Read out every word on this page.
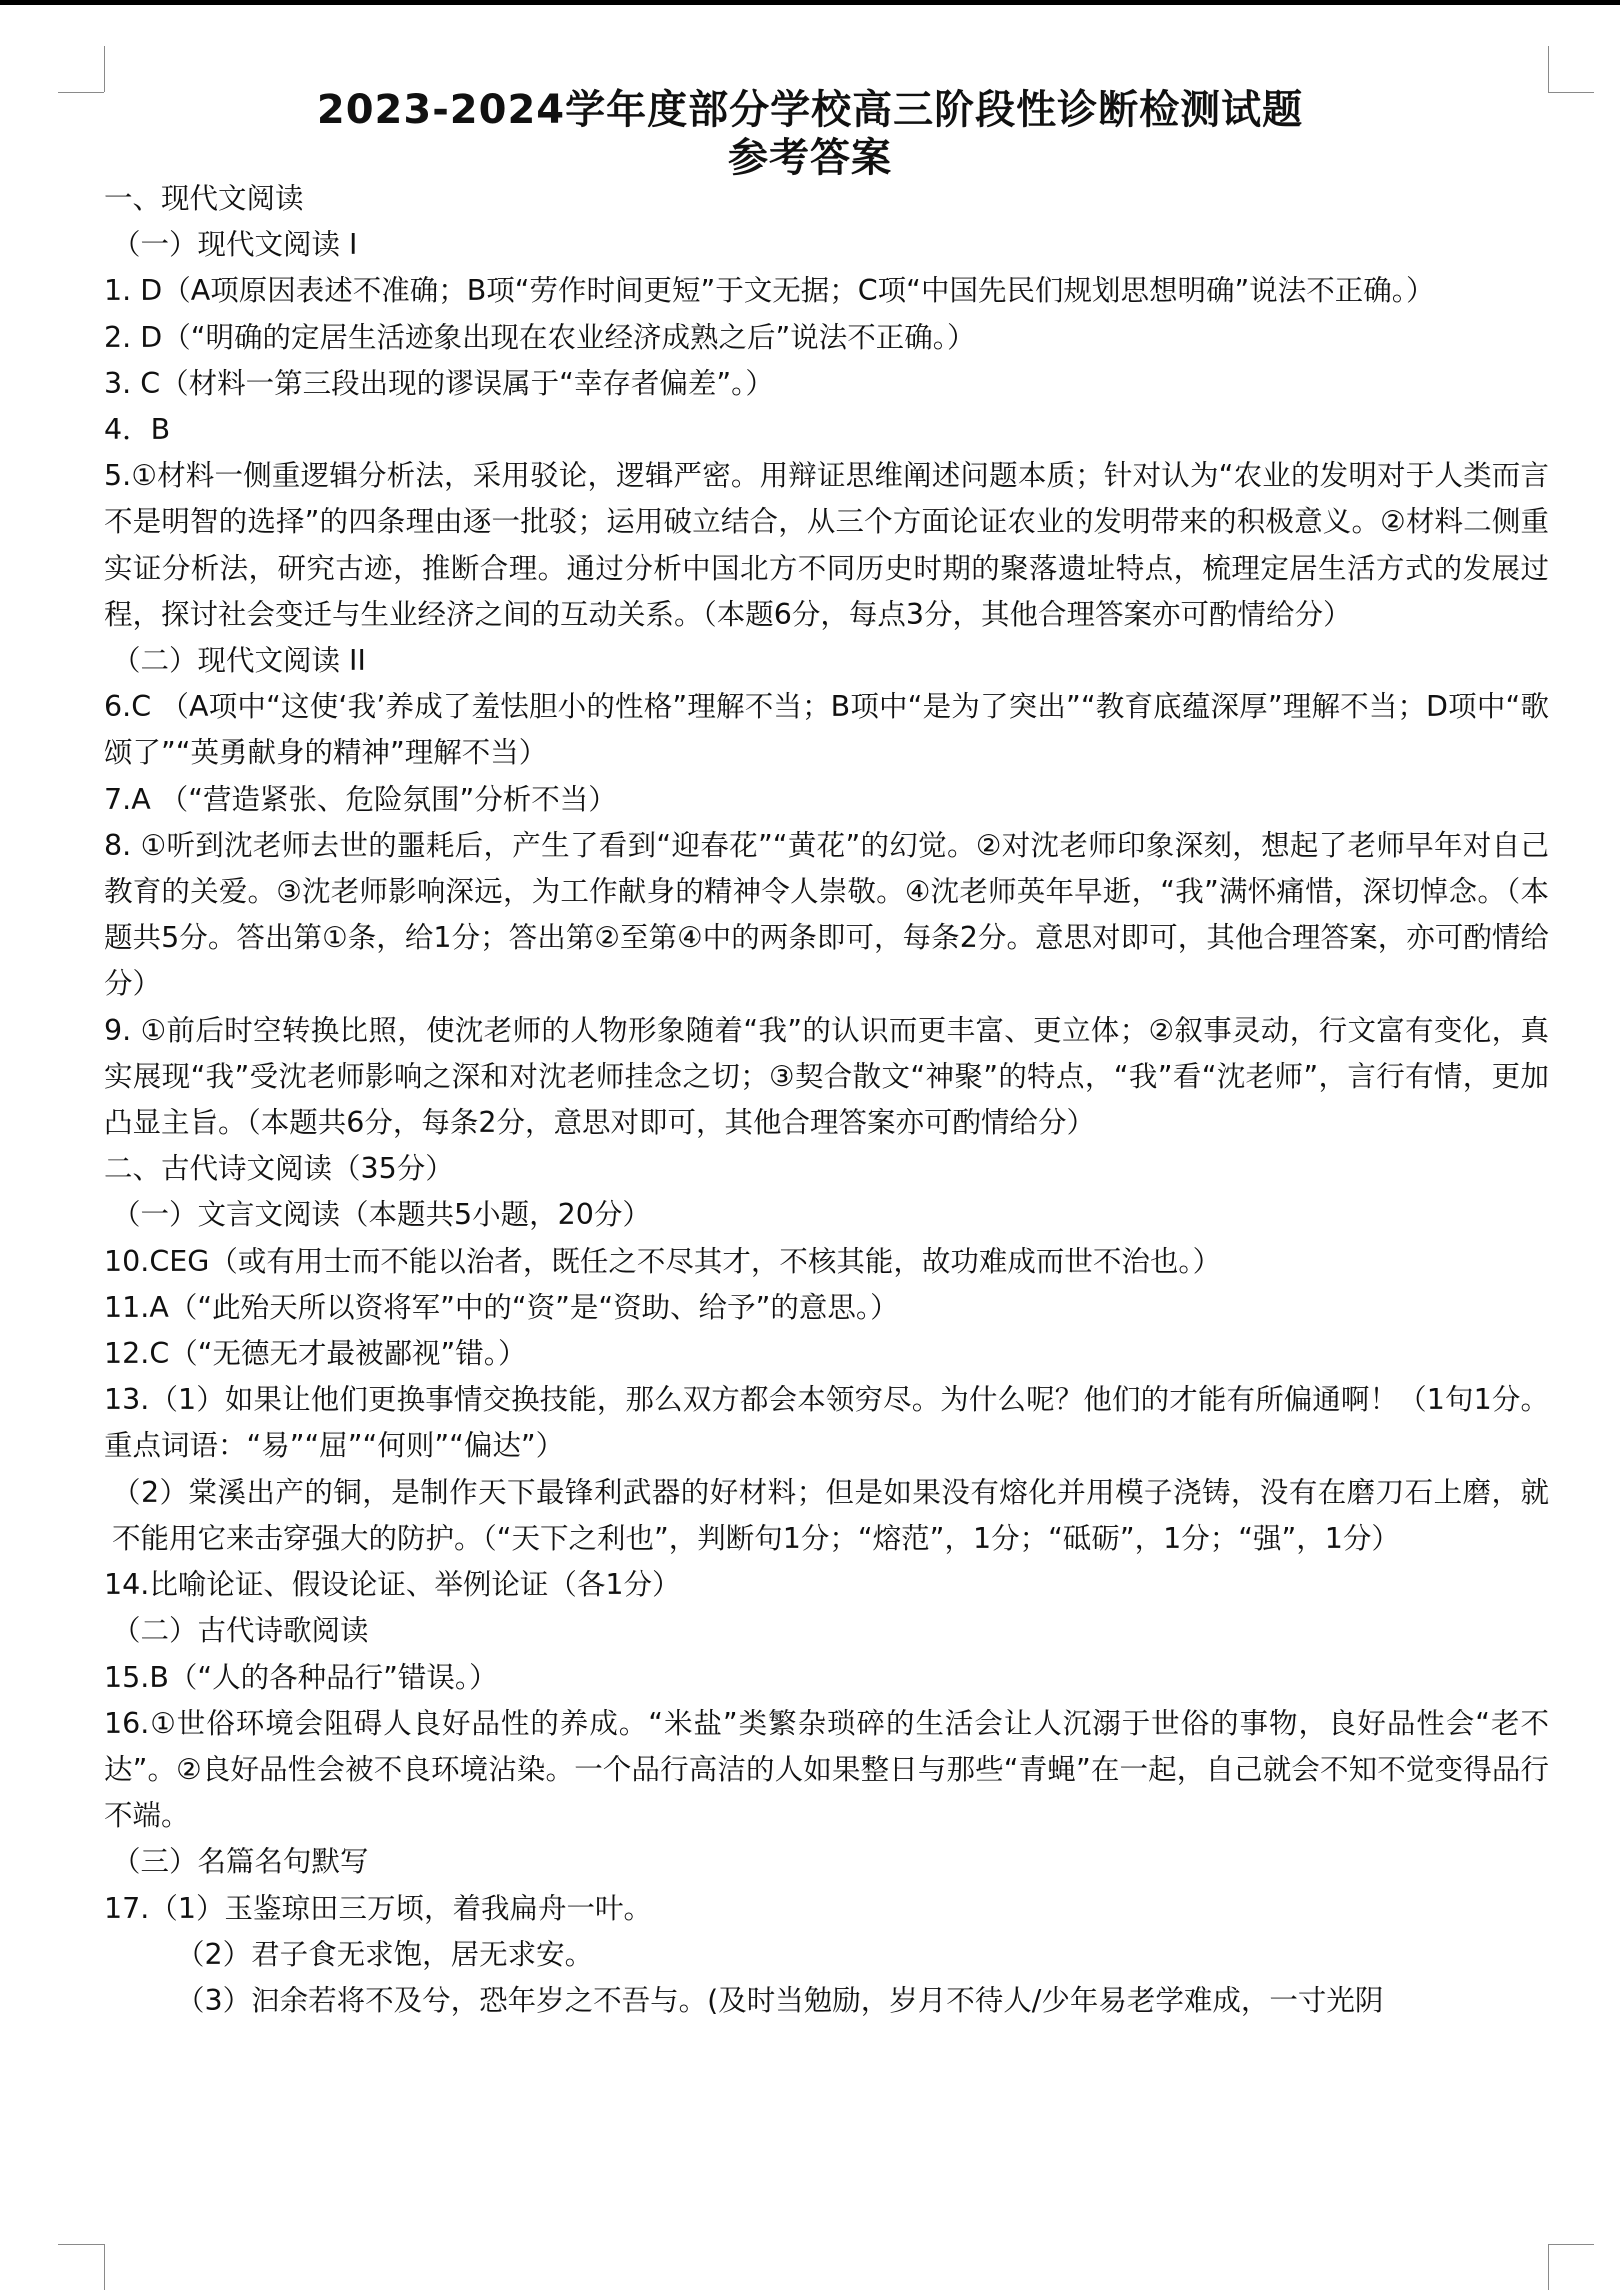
2023-2024学年度部分学校高三阶段性诊断检测试题
参考答案

一、现代文阅读

（一）现代文阅读 I

1. D（A项原因表述不准确；B项“劳作时间更短”于文无据；C项“中国先民们规划思想明确”说法不正确。）

2. D（“明确的定居生活迹象出现在农业经济成熟之后”说法不正确。）

3. C（材料一第三段出现的谬误属于“幸存者偏差”。）

4．B

5.①材料一侧重逻辑分析法，采用驳论，逻辑严密。用辩证思维阐述问题本质；针对认为“农业的发明对于人类而言不是明智的选择”的四条理由逐一批驳；运用破立结合，从三个方面论证农业的发明带来的积极意义。②材料二侧重实证分析法，研究古迹，推断合理。通过分析中国北方不同历史时期的聚落遗址特点，梳理定居生活方式的发展过程，探讨社会变迁与生业经济之间的互动关系。（本题6分，每点3分，其他合理答案亦可酌情给分）

（二）现代文阅读 II

6.C （A项中“这使‘我’养成了羞怯胆小的性格”理解不当；B项中“是为了突出”“教育底蕴深厚”理解不当；D项中“歌颂了”“英勇献身的精神”理解不当）

7.A （“营造紧张、危险氛围”分析不当）

8. ①听到沈老师去世的噩耗后，产生了看到“迎春花”“黄花”的幻觉。②对沈老师印象深刻，想起了老师早年对自己教育的关爱。③沈老师影响深远，为工作献身的精神令人崇敬。④沈老师英年早逝，“我”满怀痛惜，深切悼念。（本题共5分。答出第①条，给1分；答出第②至第④中的两条即可，每条2分。意思对即可，其他合理答案，亦可酌情给分）

9. ①前后时空转换比照，使沈老师的人物形象随着“我”的认识而更丰富、更立体；②叙事灵动，行文富有变化，真实展现“我”受沈老师影响之深和对沈老师挂念之切；③契合散文“神聚”的特点，“我”看“沈老师”，言行有情，更加凸显主旨。（本题共6分，每条2分，意思对即可，其他合理答案亦可酌情给分）

二、古代诗文阅读（35分）

（一）文言文阅读（本题共5小题，20分）

10.CEG（或有用士而不能以治者，既任之不尽其才，不核其能，故功难成而世不治也。）

11.A（“此殆天所以资将军”中的“资”是“资助、给予”的意思。）

12.C（“无德无才最被鄙视”错。）

13.（1）如果让他们更换事情交换技能，那么双方都会本领穷尽。为什么呢？他们的才能有所偏通啊！（1句1分。重点词语：“易”“屈”“何则”“偏达”）

（2）棠溪出产的铜，是制作天下最锋利武器的好材料；但是如果没有熔化并用模子浇铸，没有在磨刀石上磨，就不能用它来击穿强大的防护。（“天下之利也”，判断句1分；“熔范”，1分；“砥砺”，1分；“强”，1分）

14.比喻论证、假设论证、举例论证（各1分）

（二）古代诗歌阅读

15.B（“人的各种品行”错误。）

16.①世俗环境会阻碍人良好品性的养成。“米盐”类繁杂琐碎的生活会让人沉溺于世俗的事物，良好品性会“老不达”。②良好品性会被不良环境沾染。一个品行高洁的人如果整日与那些“青蝇”在一起，自己就会不知不觉变得品行不端。

（三）名篇名句默写

17.（1）玉鉴琼田三万顷，着我扁舟一叶。

（2）君子食无求饱，居无求安。

（3）汩余若将不及兮，恐年岁之不吾与。(及时当勉励，岁月不待人/少年易老学难成，一寸光阴
